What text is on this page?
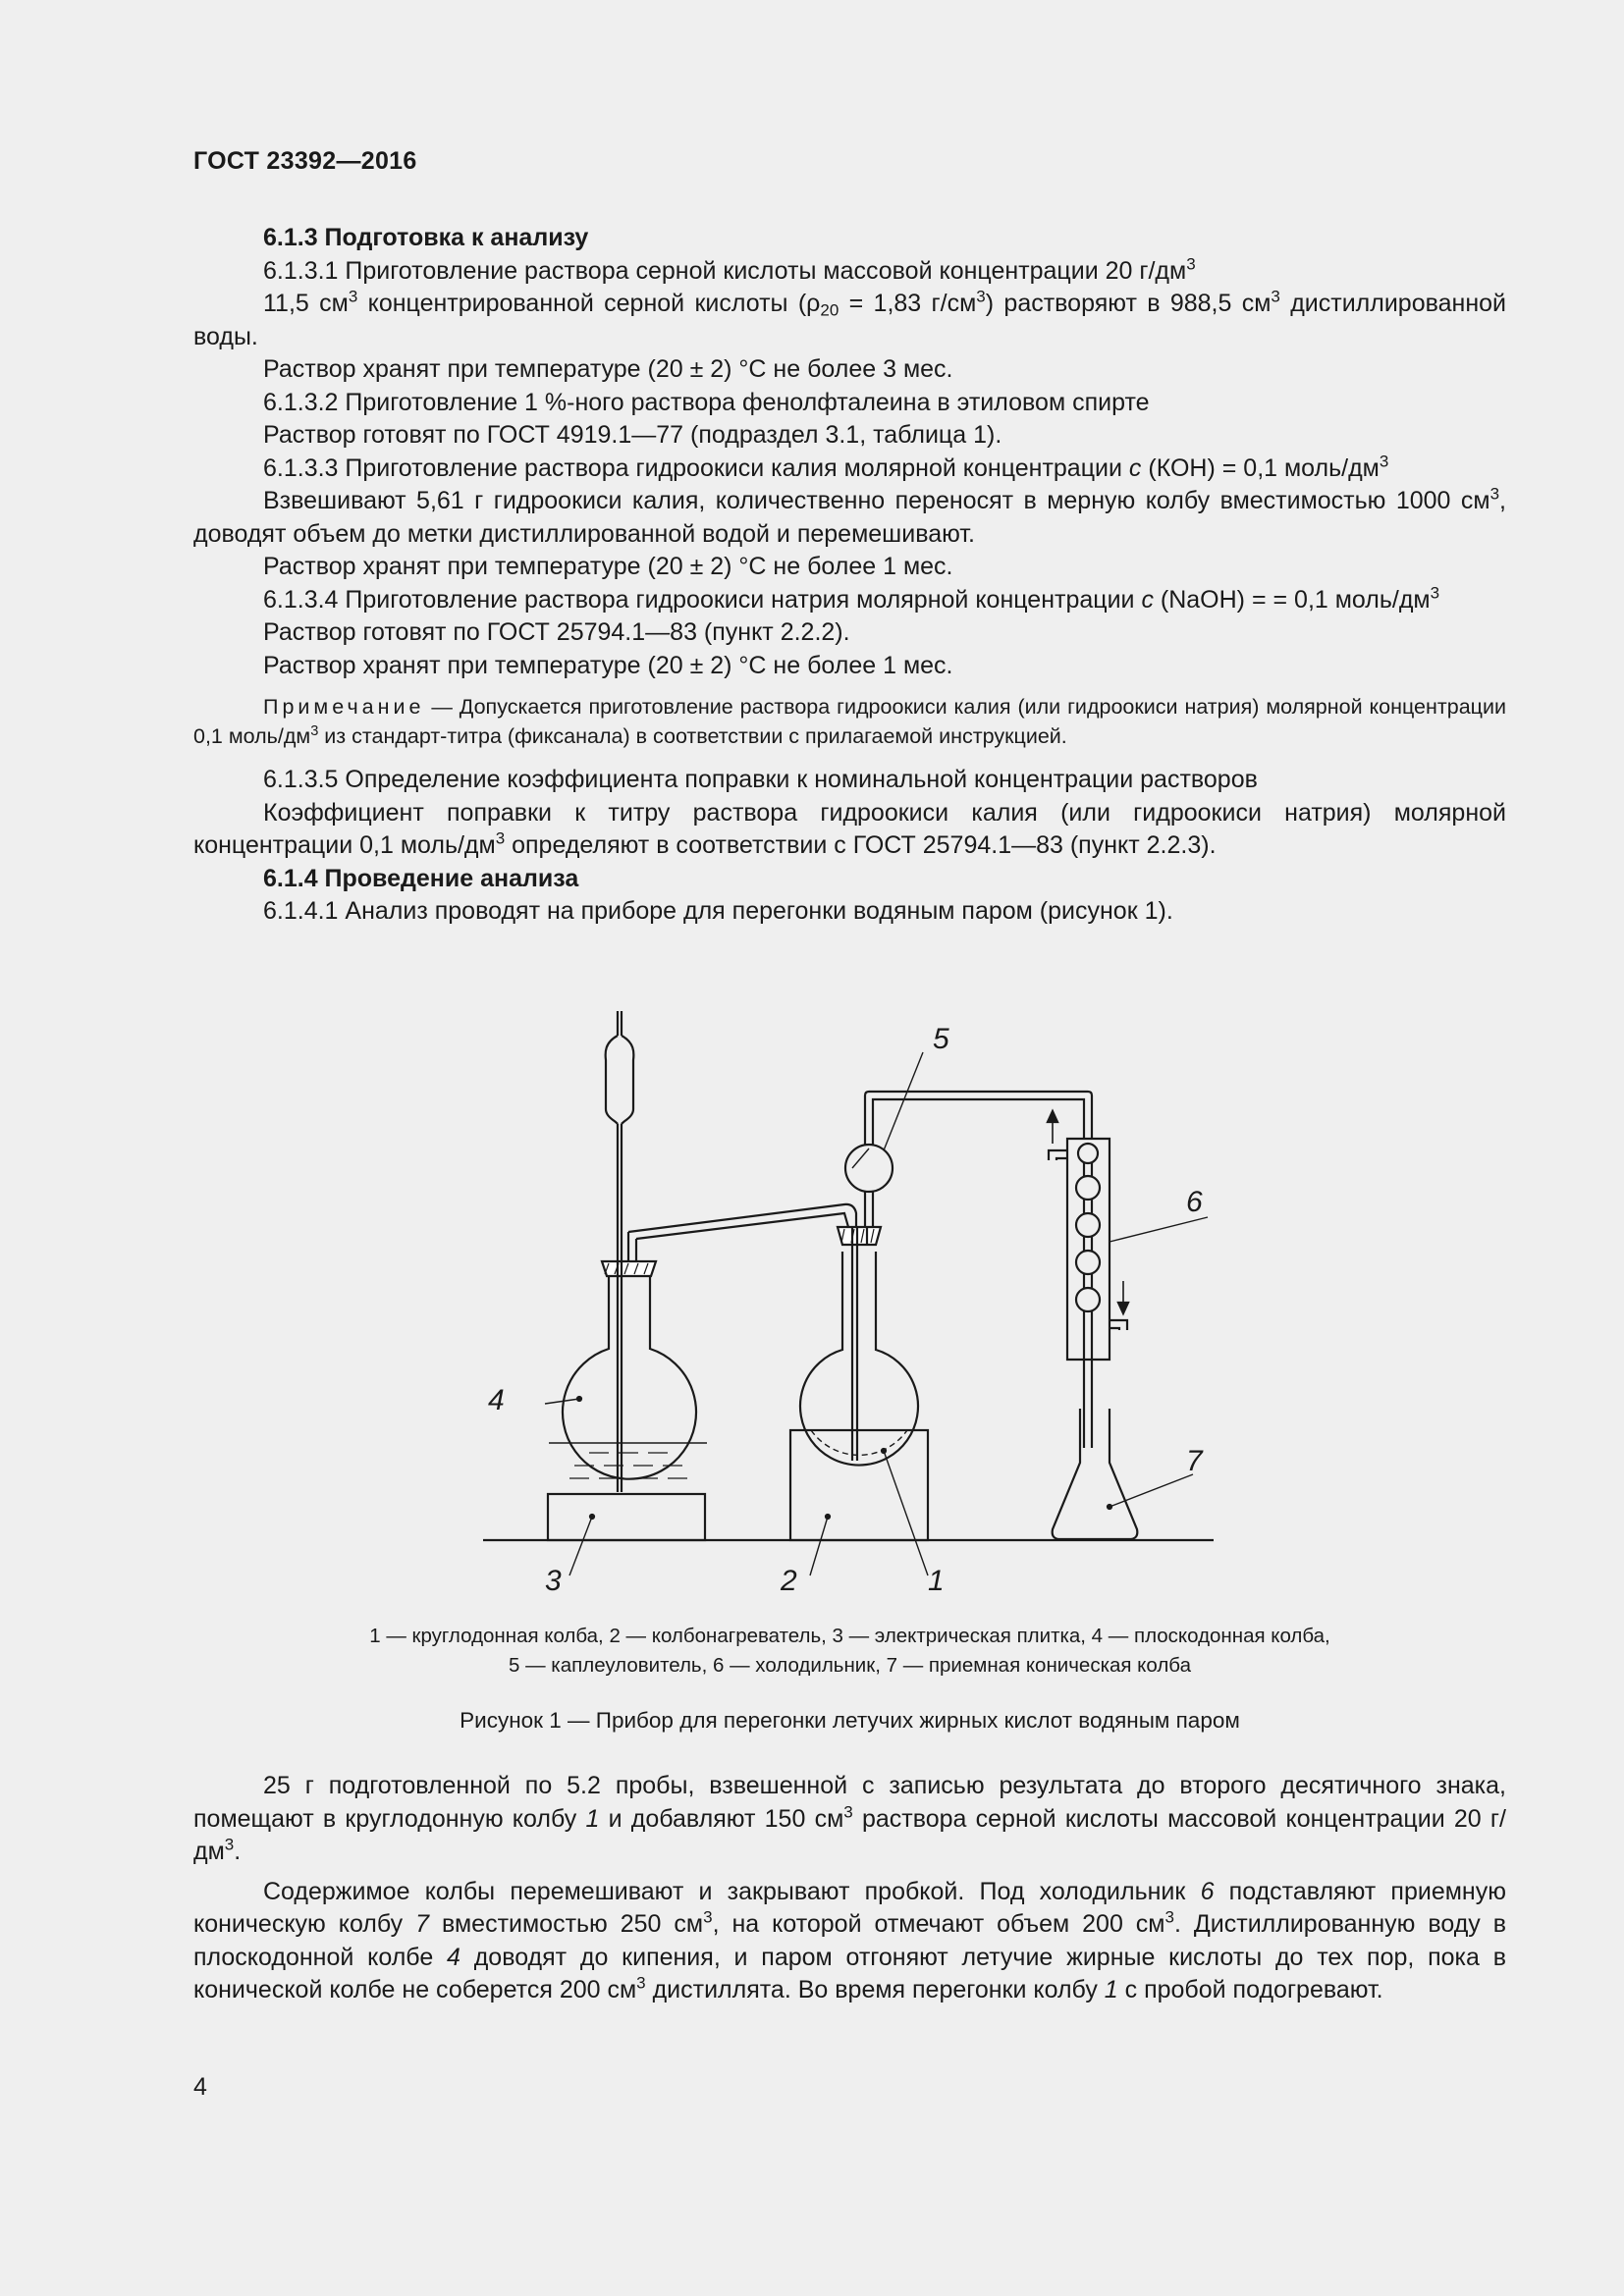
ГОСТ 23392—2016

6.1.3 Подготовка к анализу

6.1.3.1 Приготовление раствора серной кислоты массовой концентрации 20 $г/дм^3$

11,5 $см^3$ концентрированной серной кислоты ($\rho_{20} = 1,83$ $г/см^3$) растворяют в 988,5 $см^3$ дистиллированной воды.

Раствор хранят при температуре (20 ± 2) °С не более 3 мес.

6.1.3.2 Приготовление 1 %-ного раствора фенолфталеина в этиловом спирте

Раствор готовят по ГОСТ 4919.1—77 (подраздел 3.1, таблица 1).

6.1.3.3 Приготовление раствора гидроокиси калия молярной концентрации c (КОН) = 0,1 моль/$дм^3$

Взвешивают 5,61 г гидроокиси калия, количественно переносят в мерную колбу вместимостью 1000 $см^3$, доводят объем до метки дистиллированной водой и перемешивают.

Раствор хранят при температуре (20 ± 2) °С не более 1 мес.

6.1.3.4 Приготовление раствора гидроокиси натрия молярной концентрации c (NaOH) = = 0,1 моль/$дм^3$

Раствор готовят по ГОСТ 25794.1—83 (пункт 2.2.2).

Раствор хранят при температуре (20 ± 2) °С не более 1 мес.

Примечание — Допускается приготовление раствора гидроокиси калия (или гидроокиси натрия) молярной концентрации 0,1 моль/$дм^3$ из стандарт-титра (фиксанала) в соответствии с прилагаемой инструкцией.

6.1.3.5 Определение коэффициента поправки к номинальной концентрации растворов

Коэффициент поправки к титру раствора гидроокиси калия (или гидроокиси натрия) молярной концентрации 0,1 моль/$дм^3$ определяют в соответствии с ГОСТ 25794.1—83 (пункт 2.2.3).

6.1.4 Проведение анализа

6.1.4.1 Анализ проводят на приборе для перегонки водяным паром (рисунок 1).

5
6
7
4
3	2	1
1 — круглодонная колба, 2 — колбонагреватель, 3 — электрическая плитка, 4 — плоскодонная колба,
5 — каплеуловитель, 6 — холодильник, 7 — приемная коническая колба
Рисунок 1 — Прибор для перегонки летучих жирных кислот водяным паром

25 г подготовленной по 5.2 пробы, взвешенной с записью результата до второго десятичного знака, помещают в круглодонную колбу 1 и добавляют 150 $см^3$ раствора серной кислоты массовой концентрации 20 $г/дм^3$.

Содержимое колбы перемешивают и закрывают пробкой. Под холодильник 6 подставляют приемную коническую колбу 7 вместимостью 250 $см^3$, на которой отмечают объем 200 $см^3$. Дистиллированную воду в плоскодонной колбе 4 доводят до кипения, и паром отгоняют летучие жирные кислоты до тех пор, пока в конической колбе не соберется 200 $см^3$ дистиллята. Во время перегонки колбу 1 с пробой подогревают.

4
